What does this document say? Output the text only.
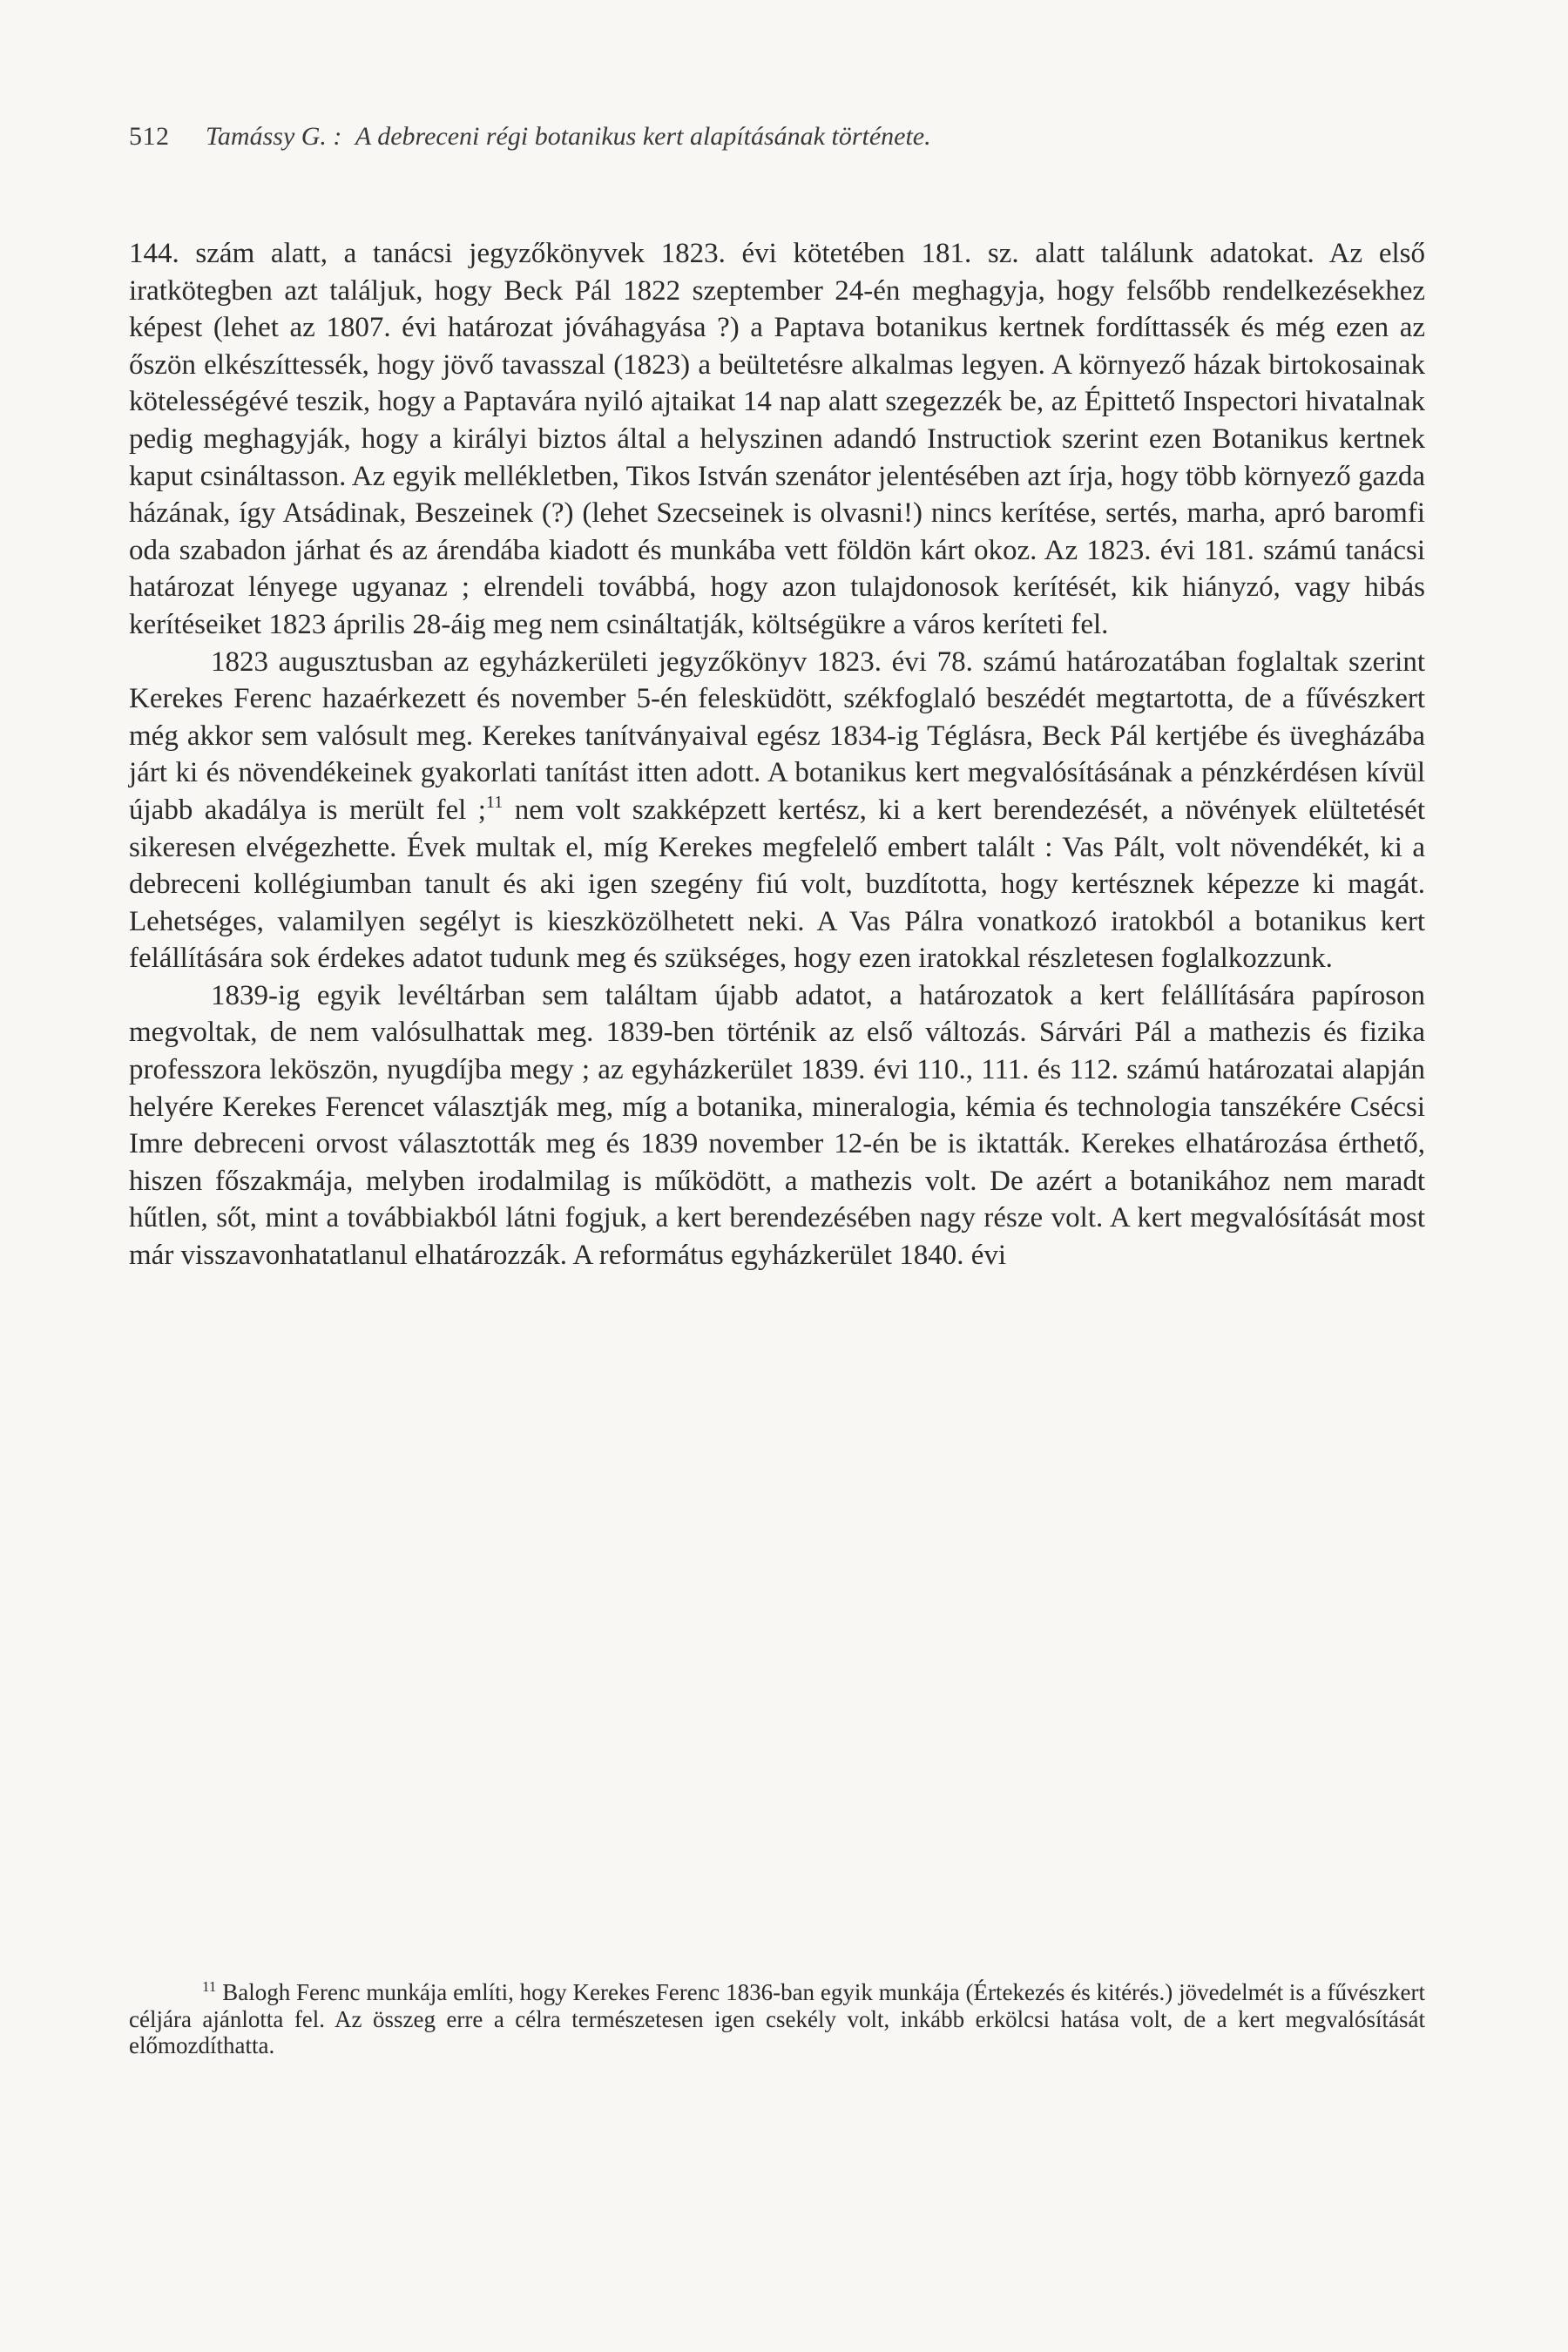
512 Tamássy G. : A debreceni régi botanikus kert alapításának története.

144. szám alatt, a tanácsi jegyzőkönyvek 1823. évi kötetében 181. sz. alatt találunk adatokat. Az első iratkötegben azt találjuk, hogy Beck Pál 1822 szeptember 24-én meghagyja, hogy felsőbb rendelkezésekhez képest (lehet az 1807. évi határozat jóváhagyása ?) a Paptava botanikus kertnek fordíttassék és még ezen az őszön elkészíttessék, hogy jövő tavasszal (1823) a beültetésre alkalmas legyen. A környező házak birtokosainak kötelességévé teszik, hogy a Paptavára nyiló ajtaikat 14 nap alatt szegezzék be, az Épittető Inspectori hivatalnak pedig meghagyják, hogy a királyi biztos által a helyszinen adandó Instructiok szerint ezen Botanikus kertnek kaput csináltasson. Az egyik mellékletben, Tikos István szenátor jelentésében azt írja, hogy több környező gazda házának, így Atsádinak, Beszeinek (?) (lehet Szecseinek is olvasni!) nincs kerítése, sertés, marha, apró baromfi oda szabadon járhat és az árendába kiadott és munkába vett földön kárt okoz. Az 1823. évi 181. számú tanácsi határozat lényege ugyanaz ; elrendeli továbbá, hogy azon tulajdonosok kerítését, kik hiányzó, vagy hibás kerítéseiket 1823 április 28-áig meg nem csináltatják, költségükre a város keríteti fel.

1823 augusztusban az egyházkerületi jegyzőkönyv 1823. évi 78. számú határozatában foglaltak szerint Kerekes Ferenc hazaérkezett és november 5-én felesküdött, székfoglaló beszédét megtartotta, de a fűvészkert még akkor sem valósult meg. Kerekes tanítványaival egész 1834-ig Téglásra, Beck Pál kertjébe és üvegházába járt ki és növendékeinek gyakorlati tanítást itten adott. A botanikus kert megvalósításának a pénzkérdésen kívül újabb akadálya is merült fel ;$^{11}$ nem volt szakképzett kertész, ki a kert berendezését, a növények elültetését sikeresen elvégezhette. Évek multak el, míg Kerekes megfelelő embert talált : Vas Pált, volt növendékét, ki a debreceni kollégiumban tanult és aki igen szegény fiú volt, buzdította, hogy kertésznek képezze ki magát. Lehetséges, valamilyen segélyt is kieszközölhetett neki. A Vas Pálra vonatkozó iratokból a botanikus kert felállítására sok érdekes adatot tudunk meg és szükséges, hogy ezen iratokkal részletesen foglalkozzunk.

1839-ig egyik levéltárban sem találtam újabb adatot, a határozatok a kert felállítására papíroson megvoltak, de nem valósulhattak meg. 1839-ben történik az első változás. Sárvári Pál a mathezis és fizika professzora leköszön, nyugdíjba megy ; az egyházkerület 1839. évi 110., 111. és 112. számú határozatai alapján helyére Kerekes Ferencet választják meg, míg a botanika, mineralogia, kémia és technologia tanszékére Csécsi Imre debreceni orvost választották meg és 1839 november 12-én be is iktatták. Kerekes elhatározása érthető, hiszen főszakmája, melyben irodalmilag is működött, a mathezis volt. De azért a botanikához nem maradt hűtlen, sőt, mint a továbbiakból látni fogjuk, a kert berendezésében nagy része volt. A kert megvalósítását most már visszavonhatatlanul elhatározzák. A református egyházkerület 1840. évi

$^{11}$ Balogh Ferenc munkája említi, hogy Kerekes Ferenc 1836-ban egyik munkája (Értekezés és kitérés.) jövedelmét is a fűvészkert céljára ajánlotta fel. Az összeg erre a célra természetesen igen csekély volt, inkább erkölcsi hatása volt, de a kert megvalósítását előmozdíthatta.
